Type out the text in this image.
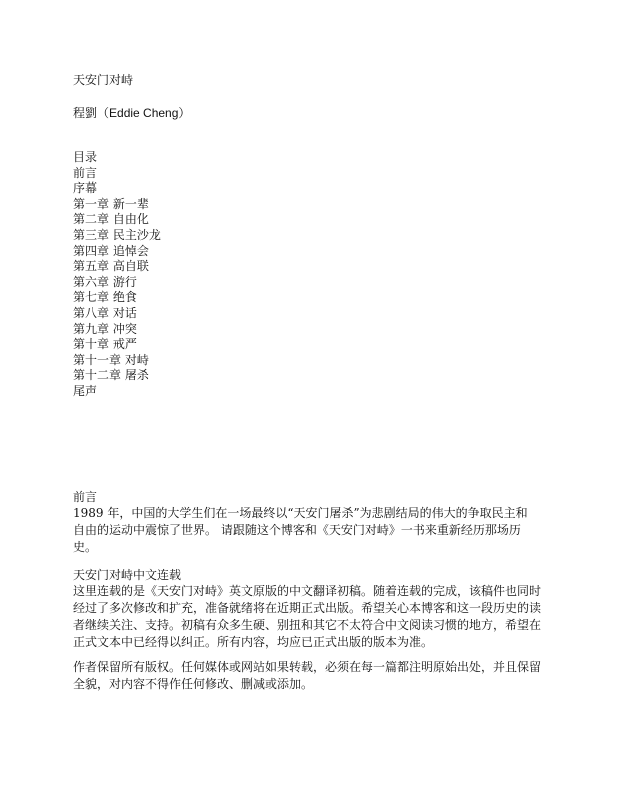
天安门对峙
程劉（Eddie Cheng）
目录
前言
序幕
第一章 新一辈
第二章 自由化
第三章 民主沙龙
第四章 追悼会
第五章 高自联
第六章 游行
第七章 绝食
第八章 对话
第九章 冲突
第十章 戒严
第十一章 对峙
第十二章 屠杀
尾声
前言
1989 年，中国的大学生们在一场最终以“天安门屠杀”为悲剧结局的伟大的争取民主和
自由的运动中震惊了世界。 请跟随这个博客和《天安门对峙》一书来重新经历那场历
史。
天安门对峙中文连载
这里连载的是《天安门对峙》英文原版的中文翻译初稿。随着连载的完成，该稿件也同时
经过了多次修改和扩充，准备就绪将在近期正式出版。希望关心本博客和这一段历史的读
者继续关注、支持。初稿有众多生硬、别扭和其它不太符合中文阅读习惯的地方，希望在
正式文本中已经得以纠正。所有内容，均应已正式出版的版本为准。
作者保留所有版权。任何媒体或网站如果转载，必须在每一篇都注明原始出处，并且保留
全貌，对内容不得作任何修改、删减或添加。
